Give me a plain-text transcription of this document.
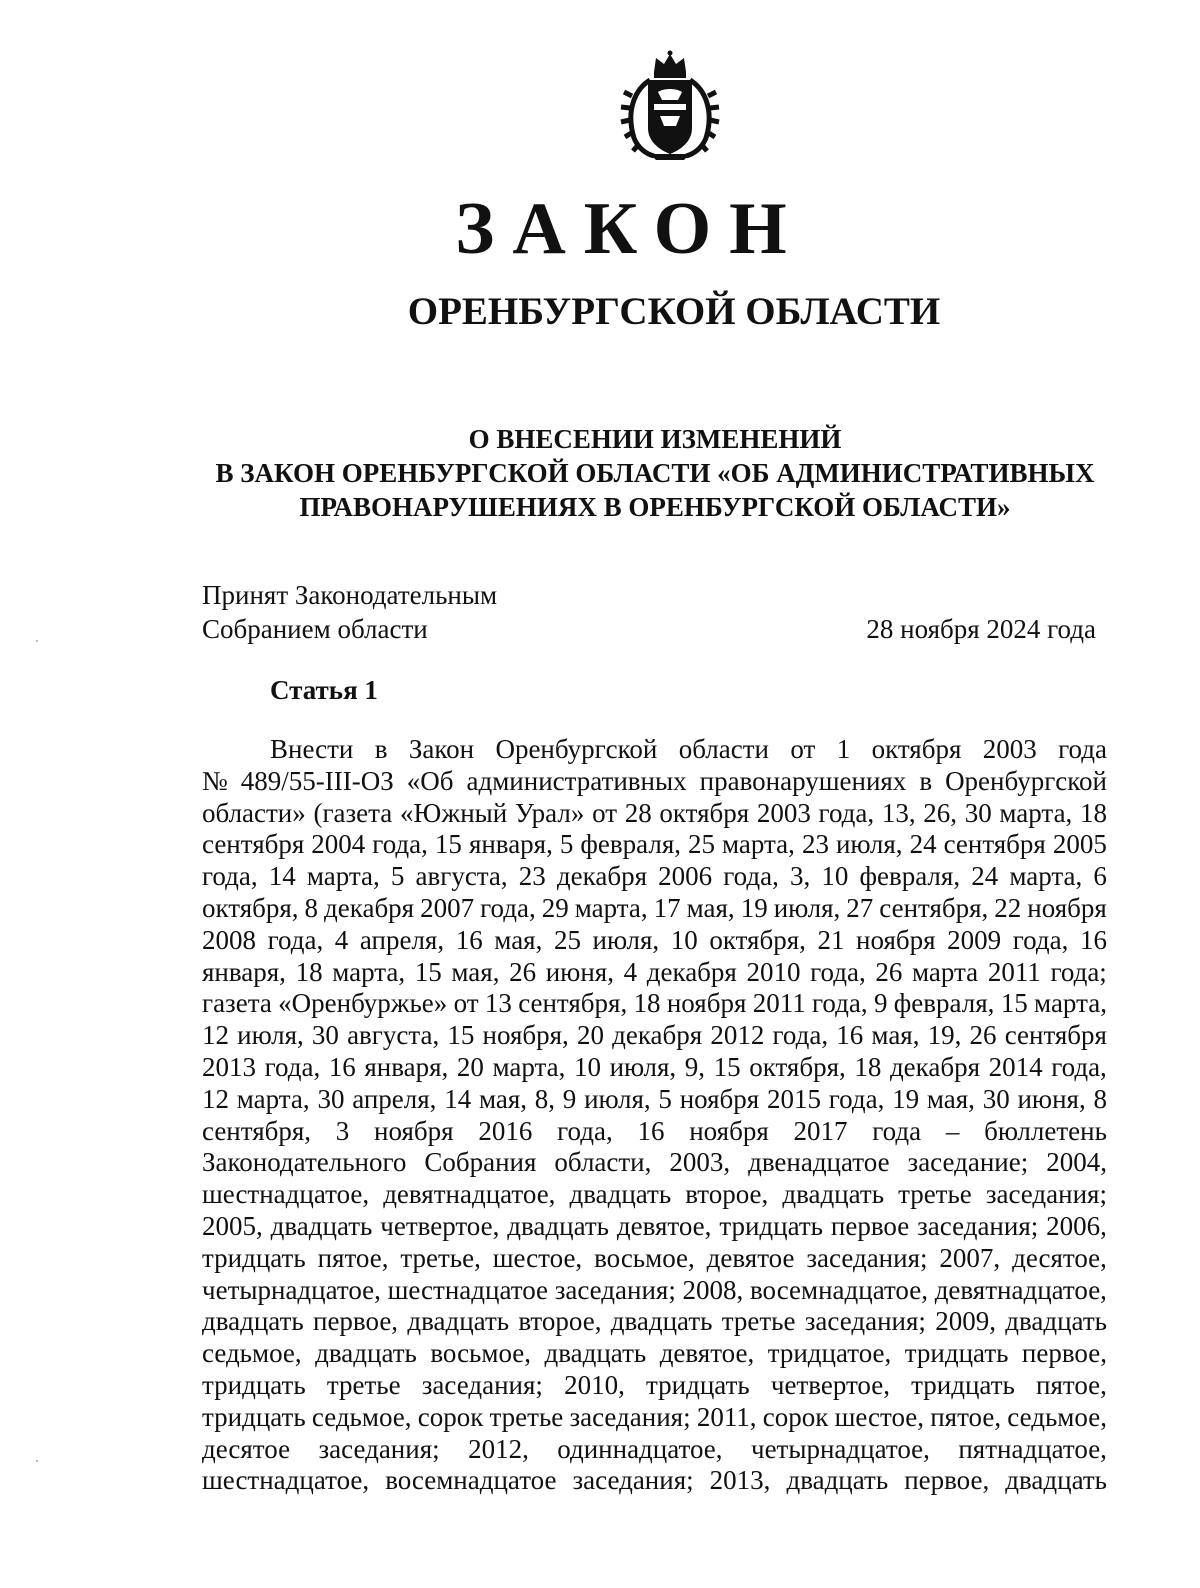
ЗАКОН
ОРЕНБУРГСКОЙ ОБЛАСТИ
О ВНЕСЕНИИ ИЗМЕНЕНИЙ
В ЗАКОН ОРЕНБУРГСКОЙ ОБЛАСТИ «ОБ АДМИНИСТРАТИВНЫХ
ПРАВОНАРУШЕНИЯХ В ОРЕНБУРГСКОЙ ОБЛАСТИ»
Принят Законодательным
Собранием области	28 ноября 2024 года
Статья 1
Внести в Закон Оренбургской области от 1 октября 2003 года
№ 489/55-III-ОЗ «Об административных правонарушениях в Оренбургской
области» (газета «Южный Урал» от 28 октября 2003 года, 13, 26, 30 марта, 18
сентября 2004 года, 15 января, 5 февраля, 25 марта, 23 июля, 24 сентября 2005
года, 14 марта, 5 августа, 23 декабря 2006 года, 3, 10 февраля, 24 марта, 6
октября, 8 декабря 2007 года, 29 марта, 17 мая, 19 июля, 27 сентября, 22 ноября
2008 года, 4 апреля, 16 мая, 25 июля, 10 октября, 21 ноября 2009 года, 16
января, 18 марта, 15 мая, 26 июня, 4 декабря 2010 года, 26 марта 2011 года;
газета «Оренбуржье» от 13 сентября, 18 ноября 2011 года, 9 февраля, 15 марта,
12 июля, 30 августа, 15 ноября, 20 декабря 2012 года, 16 мая, 19, 26 сентября
2013 года, 16 января, 20 марта, 10 июля, 9, 15 октября, 18 декабря 2014 года,
12 марта, 30 апреля, 14 мая, 8, 9 июля, 5 ноября 2015 года, 19 мая, 30 июня, 8
сентября, 3 ноября 2016 года, 16 ноября 2017 года – бюллетень
Законодательного Собрания области, 2003, двенадцатое заседание; 2004,
шестнадцатое, девятнадцатое, двадцать второе, двадцать третье заседания;
2005, двадцать четвертое, двадцать девятое, тридцать первое заседания; 2006,
тридцать пятое, третье, шестое, восьмое, девятое заседания; 2007, десятое,
четырнадцатое, шестнадцатое заседания; 2008, восемнадцатое, девятнадцатое,
двадцать первое, двадцать второе, двадцать третье заседания; 2009, двадцать
седьмое, двадцать восьмое, двадцать девятое, тридцатое, тридцать первое,
тридцать третье заседания; 2010, тридцать четвертое, тридцать пятое,
тридцать седьмое, сорок третье заседания; 2011, сорок шестое, пятое, седьмое,
десятое заседания; 2012, одиннадцатое, четырнадцатое, пятнадцатое,
шестнадцатое, восемнадцатое заседания; 2013, двадцать первое, двадцать
